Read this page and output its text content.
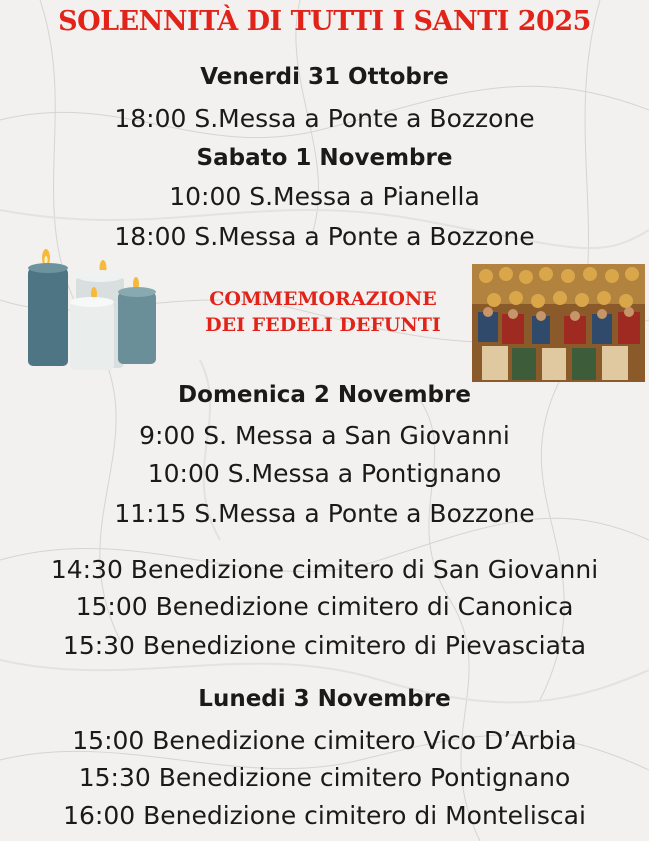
SOLENNITÀ DI TUTTI I SANTI 2025
Venerdi 31 Ottobre
18:00 S.Messa a Ponte a Bozzone
Sabato 1 Novembre
10:00 S.Messa a Pianella
18:00 S.Messa a Ponte a Bozzone
COMMEMORAZIONE
DEI FEDELI DEFUNTI
Domenica 2 Novembre
9:00 S. Messa a San Giovanni
10:00 S.Messa a Pontignano
11:15 S.Messa a Ponte a Bozzone
14:30 Benedizione cimitero di San Giovanni
15:00 Benedizione cimitero di Canonica
15:30 Benedizione cimitero di Pievasciata
Lunedi 3 Novembre
15:00 Benedizione cimitero Vico D’Arbia
15:30 Benedizione cimitero Pontignano
16:00 Benedizione cimitero di Monteliscai
